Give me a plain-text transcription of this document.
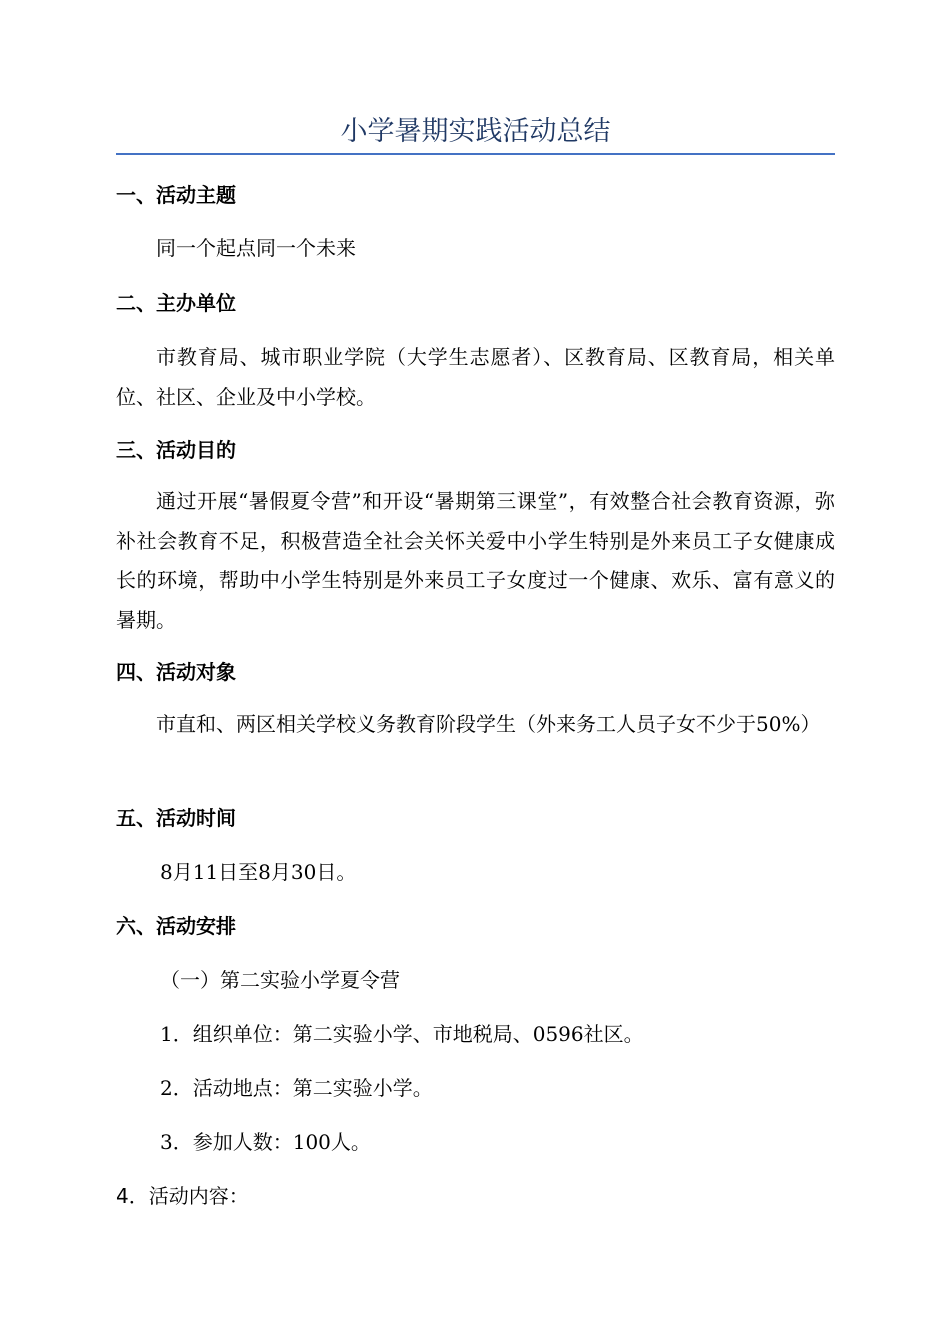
小学暑期实践活动总结
一、活动主题
同一个起点同一个未来
二、主办单位
市教育局、城市职业学院（大学生志愿者）、区教育局、区教育局，相关单位、社区、企业及中小学校。
三、活动目的
通过开展“暑假夏令营”和开设“暑期第三课堂”，有效整合社会教育资源，弥补社会教育不足，积极营造全社会关怀关爱中小学生特别是外来员工子女健康成长的环境，帮助中小学生特别是外来员工子女度过一个健康、欢乐、富有意义的暑期。
四、活动对象
市直和、两区相关学校义务教育阶段学生（外来务工人员子女不少于50%）
五、活动时间
8月11日至8月30日。
六、活动安排
（一）第二实验小学夏令营
1．组织单位：第二实验小学、市地税局、0596社区。
2．活动地点：第二实验小学。
3．参加人数：100人。
4．活动内容：
